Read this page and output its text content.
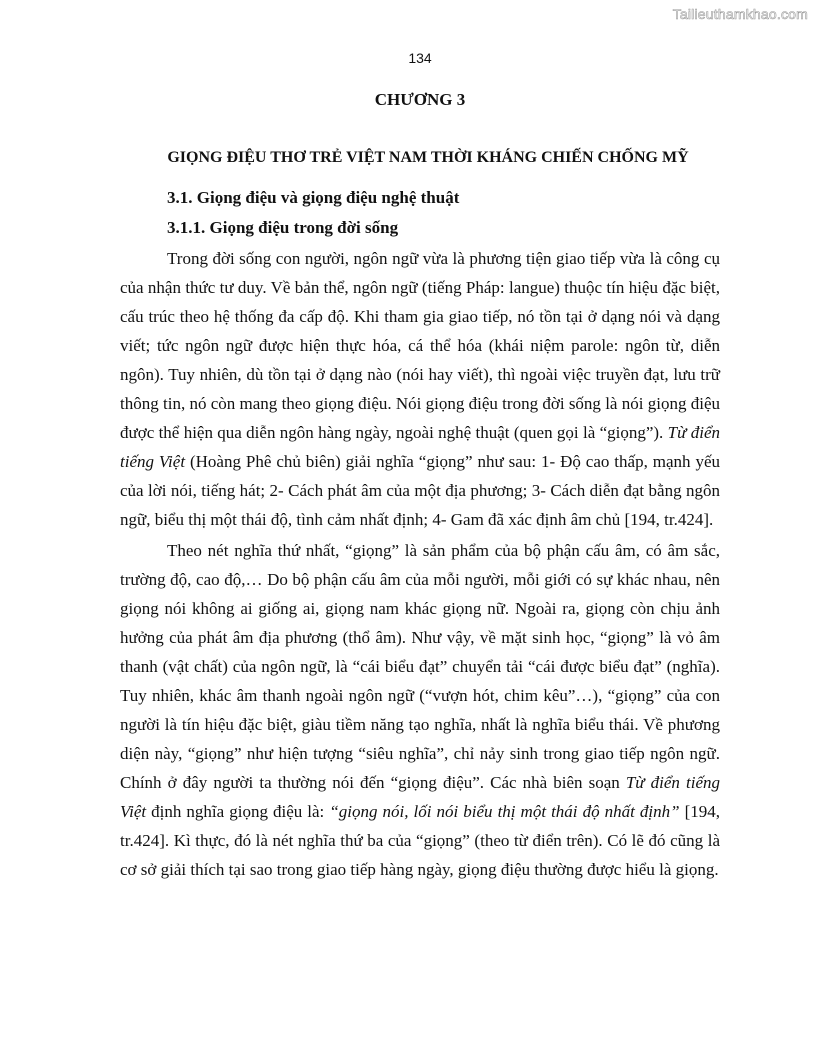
Tailieuthamkhao.com
134
CHƯƠNG 3
GIỌNG ĐIỆU THƠ TRẺ VIỆT NAM THỜI KHÁNG CHIẾN CHỐNG MỸ
3.1. Giọng điệu và giọng điệu nghệ thuật
3.1.1. Giọng điệu trong đời sống

Trong đời sống con người, ngôn ngữ vừa là phương tiện giao tiếp vừa là công cụ của nhận thức tư duy. Về bản thể, ngôn ngữ (tiếng Pháp: langue) thuộc tín hiệu đặc biệt, cấu trúc theo hệ thống đa cấp độ. Khi tham gia giao tiếp, nó tồn tại ở dạng nói và dạng viết; tức ngôn ngữ được hiện thực hóa, cá thể hóa (khái niệm parole: ngôn từ, diễn ngôn). Tuy nhiên, dù tồn tại ở dạng nào (nói hay viết), thì ngoài việc truyền đạt, lưu trữ thông tin, nó còn mang theo giọng điệu. Nói giọng điệu trong đời sống là nói giọng điệu được thể hiện qua diễn ngôn hàng ngày, ngoài nghệ thuật (quen gọi là “giọng”). Từ điển tiếng Việt (Hoàng Phê chủ biên) giải nghĩa “giọng” như sau: 1- Độ cao thấp, mạnh yếu của lời nói, tiếng hát; 2- Cách phát âm của một địa phương; 3- Cách diễn đạt bằng ngôn ngữ, biểu thị một thái độ, tình cảm nhất định; 4- Gam đã xác định âm chủ [194, tr.424].

Theo nét nghĩa thứ nhất, “giọng” là sản phẩm của bộ phận cấu âm, có âm sắc, trường độ, cao độ,… Do bộ phận cấu âm của mỗi người, mỗi giới có sự khác nhau, nên giọng nói không ai giống ai, giọng nam khác giọng nữ. Ngoài ra, giọng còn chịu ảnh hưởng của phát âm địa phương (thổ âm). Như vậy, về mặt sinh học, “giọng” là vỏ âm thanh (vật chất) của ngôn ngữ, là “cái biểu đạt” chuyển tải “cái được biểu đạt” (nghĩa). Tuy nhiên, khác âm thanh ngoài ngôn ngữ (“vượn hót, chim kêu”…), “giọng” của con người là tín hiệu đặc biệt, giàu tiềm năng tạo nghĩa, nhất là nghĩa biểu thái. Về phương diện này, “giọng” như hiện tượng “siêu nghĩa”, chỉ nảy sinh trong giao tiếp ngôn ngữ. Chính ở đây người ta thường nói đến “giọng điệu”. Các nhà biên soạn Từ điển tiếng Việt định nghĩa giọng điệu là: “giọng nói, lối nói biểu thị một thái độ nhất định” [194, tr.424]. Kì thực, đó là nét nghĩa thứ ba của “giọng” (theo từ điển trên). Có lẽ đó cũng là cơ sở giải thích tại sao trong giao tiếp hàng ngày, giọng điệu thường được hiểu là giọng.
